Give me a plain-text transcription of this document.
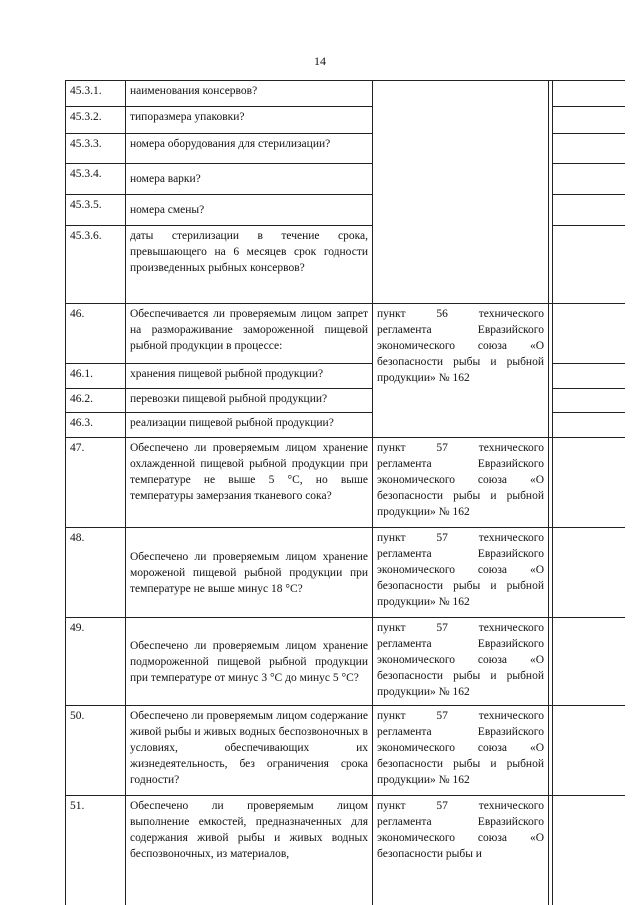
14
45.3.1.	наименования консервов?			
45.3.2.	типоразмера упаковки?			
45.3.3.	номера оборудования для стерилизации?			
45.3.4.	номера варки?			
45.3.5.	номера смены?			
45.3.6.	даты стерилизации в течение срока, превышающего на 6 месяцев срок годности произведенных рыбных консервов?			
46.	Обеспечивается ли проверяемым лицом запрет на размораживание замороженной пищевой рыбной продукции в процессе:	пункт 56 технического регламента Евразийского экономического союза «О безопасности рыбы и рыбной продукции» № 162		
46.1.	хранения пищевой рыбной продукции?			
46.2.	перевозки пищевой рыбной продукции?			
46.3.	реализации пищевой рыбной продукции?			
47.	Обеспечено ли проверяемым лицом хранение охлажденной пищевой рыбной продукции при температуре не выше 5 °С, но выше температуры замерзания тканевого сока?	пункт 57 технического регламента Евразийского экономического союза «О безопасности рыбы и рыбной продукции» № 162		
48.	Обеспечено ли проверяемым лицом хранение мороженой пищевой рыбной продукции при температуре не выше минус 18 °С?	пункт 57 технического регламента Евразийского экономического союза «О безопасности рыбы и рыбной продукции» № 162		
49.	Обеспечено ли проверяемым лицом хранение подмороженной пищевой рыбной продукции при температуре от минус 3 °С до минус 5 °С?	пункт 57 технического регламента Евразийского экономического союза «О безопасности рыбы и рыбной продукции» № 162		
50.	Обеспечено ли проверяемым лицом содержание живой рыбы и живых водных беспозвоночных в условиях, обеспечивающих их жизнедеятельность, без ограничения срока годности?	пункт 57 технического регламента Евразийского экономического союза «О безопасности рыбы и рыбной продукции» № 162		
51.	Обеспечено ли проверяемым лицом выполнение емкостей, предназначенных для содержания живой рыбы и живых водных беспозвоночных, из материалов,	пункт 57 технического регламента Евразийского экономического союза «О безопасности рыбы и		
